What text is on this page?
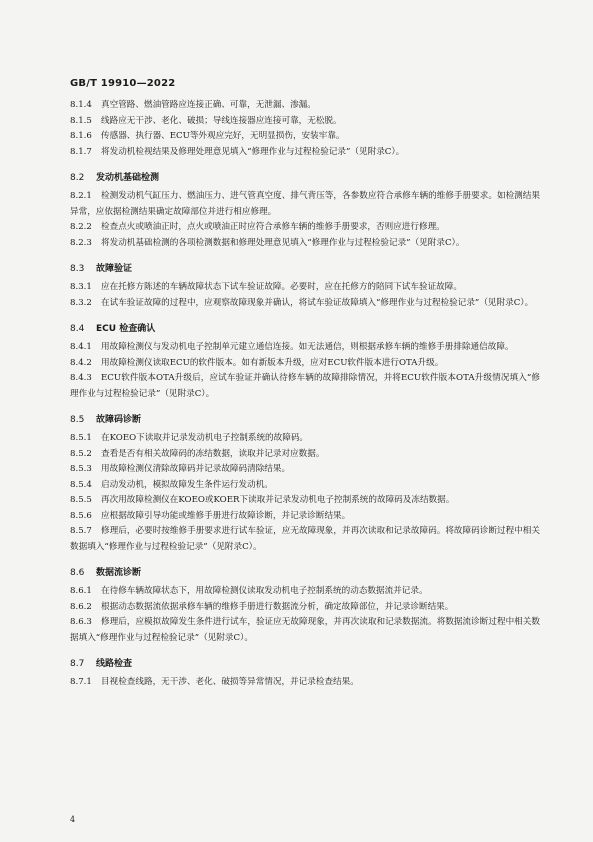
GB/T 19910—2022

8.1.4 真空管路、燃油管路应连接正确、可靠，无泄漏、渗漏。

8.1.5 线路应无干涉、老化、破损；导线连接器应连接可靠，无松脱。

8.1.6 传感器、执行器、ECU等外观应完好，无明显损伤，安装牢靠。

8.1.7 将发动机检视结果及修理处理意见填入“修理作业与过程检验记录”（见附录C）。

8.2 发动机基础检测

8.2.1 检测发动机气缸压力、燃油压力、进气管真空度、排气背压等，各参数应符合承修车辆的维修手册要求。如检测结果异常，应依据检测结果确定故障部位并进行相应修理。

8.2.2 检查点火或喷油正时，点火或喷油正时应符合承修车辆的维修手册要求，否则应进行修理。

8.2.3 将发动机基础检测的各项检测数据和修理处理意见填入“修理作业与过程检验记录”（见附录C）。

8.3 故障验证

8.3.1 应在托修方陈述的车辆故障状态下试车验证故障。必要时，应在托修方的陪同下试车验证故障。

8.3.2 在试车验证故障的过程中，应观察故障现象并确认，将试车验证故障填入“修理作业与过程检验记录”（见附录C）。

8.4 ECU 检查确认

8.4.1 用故障检测仪与发动机电子控制单元建立通信连接。如无法通信，则根据承修车辆的维修手册排除通信故障。

8.4.2 用故障检测仪读取ECU的软件版本。如有新版本升级，应对ECU软件版本进行OTA升级。

8.4.3 ECU软件版本OTA升级后，应试车验证并确认待修车辆的故障排除情况，并将ECU软件版本OTA升级情况填入“修理作业与过程检验记录”（见附录C）。

8.5 故障码诊断

8.5.1 在KOEO下读取并记录发动机电子控制系统的故障码。

8.5.2 查看是否有相关故障码的冻结数据，读取并记录对应数据。

8.5.3 用故障检测仪清除故障码并记录故障码清除结果。

8.5.4 启动发动机，模拟故障发生条件运行发动机。

8.5.5 再次用故障检测仪在KOEO或KOER下读取并记录发动机电子控制系统的故障码及冻结数据。

8.5.6 应根据故障引导功能或维修手册进行故障诊断，并记录诊断结果。

8.5.7 修理后，必要时按维修手册要求进行试车验证，应无故障现象，并再次读取和记录故障码。将故障码诊断过程中相关数据填入“修理作业与过程检验记录”（见附录C）。

8.6 数据流诊断

8.6.1 在待修车辆故障状态下，用故障检测仪读取发动机电子控制系统的动态数据流并记录。

8.6.2 根据动态数据流依据承修车辆的维修手册进行数据流分析，确定故障部位，并记录诊断结果。

8.6.3 修理后，应模拟故障发生条件进行试车，验证应无故障现象，并再次读取和记录数据流。将数据流诊断过程中相关数据填入“修理作业与过程检验记录”（见附录C）。

8.7 线路检查

8.7.1 目视检查线路，无干涉、老化、破损等异常情况，并记录检查结果。

4
